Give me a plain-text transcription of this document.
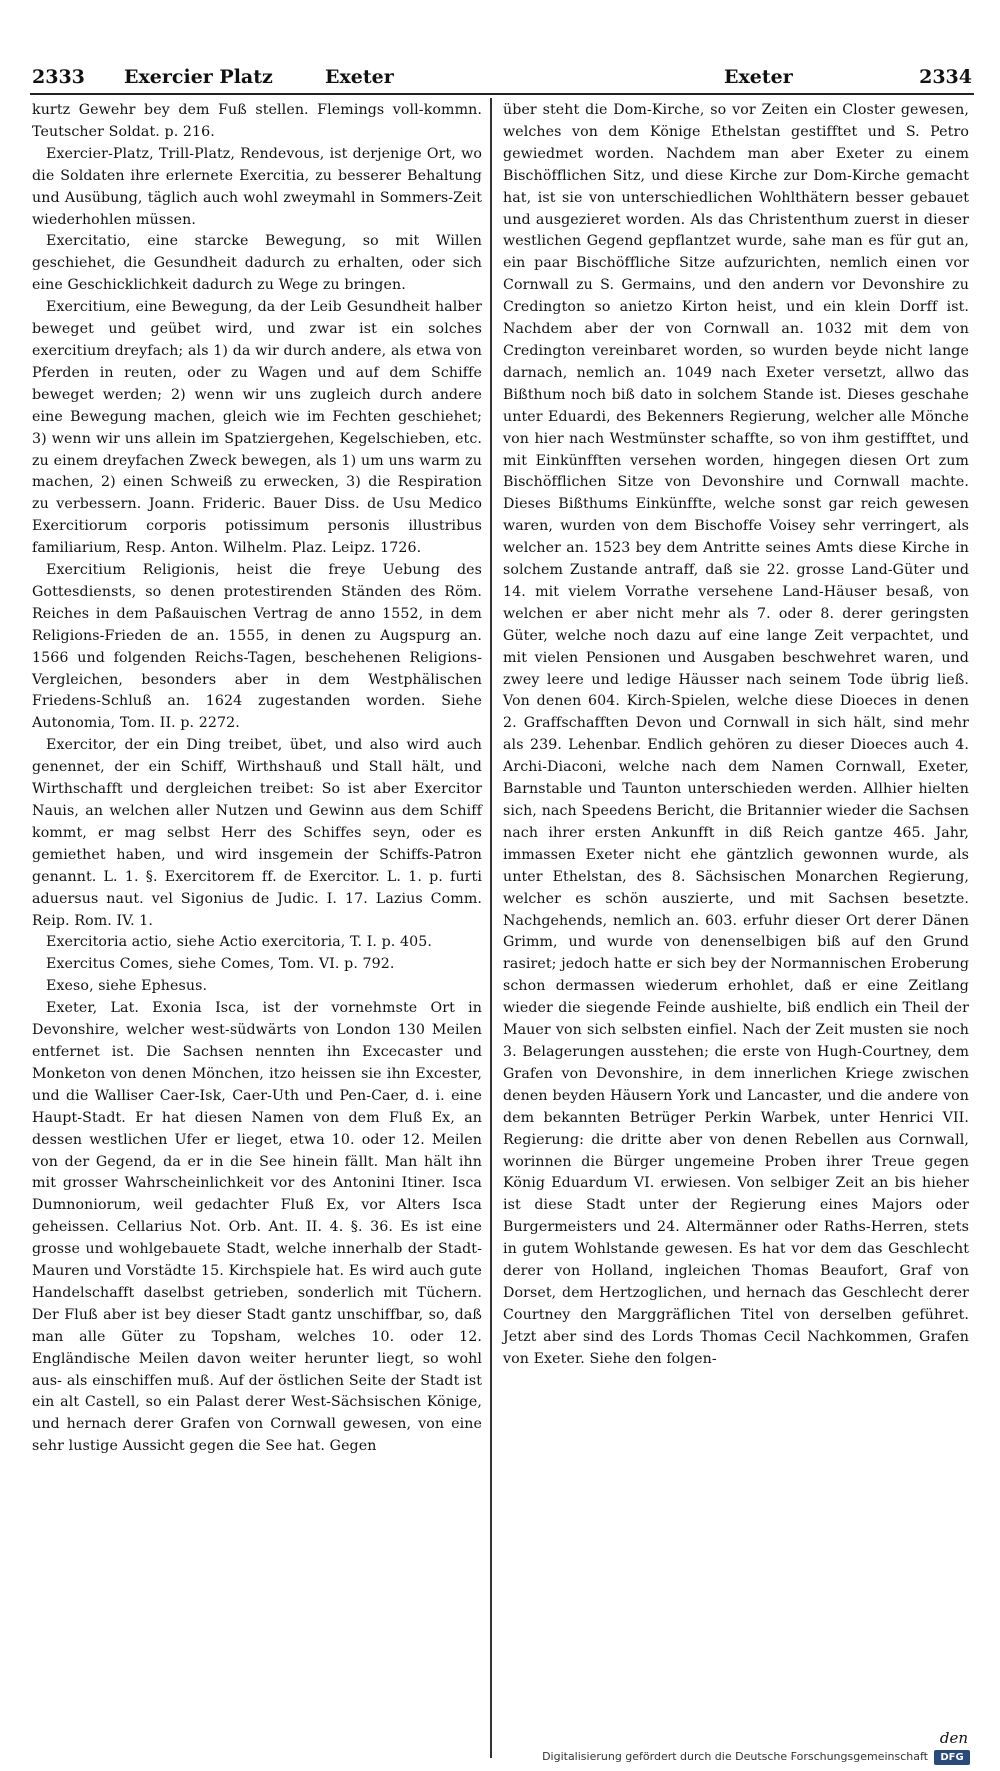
2333 Exercier Platz	Exeter	Exeter	2334

kurtz Gewehr bey dem Fuß stellen. Flemings voll-kommn. Teutscher Soldat. p. 216.

Exercier-Platz, Trill-Platz, Rendevous, ist derjenige Ort, wo die Soldaten ihre erlernete Exercitia, zu besserer Behaltung und Ausübung, täglich auch wohl zweymahl in Sommers-Zeit wiederhohlen müssen.

Exercitatio, eine starcke Bewegung, so mit Willen geschiehet, die Gesundheit dadurch zu erhalten, oder sich eine Geschicklichkeit dadurch zu Wege zu bringen.

Exercitium, eine Bewegung, da der Leib Gesundheit halber beweget und geübet wird, und zwar ist ein solches exercitium dreyfach; als 1) da wir durch andere, als etwa von Pferden in reuten, oder zu Wagen und auf dem Schiffe beweget werden; 2) wenn wir uns zugleich durch andere eine Bewegung machen, gleich wie im Fechten geschiehet; 3) wenn wir uns allein im Spatziergehen, Kegelschieben, etc. zu einem dreyfachen Zweck bewegen, als 1) um uns warm zu machen, 2) einen Schweiß zu erwecken, 3) die Respiration zu verbessern. Joann. Frideric. Bauer Diss. de Usu Medico Exercitiorum corporis potissimum personis illustribus familiarium, Resp. Anton. Wilhelm. Plaz. Leipz. 1726.

Exercitium Religionis, heist die freye Uebung des Gottesdiensts, so denen protestirenden Ständen des Röm. Reiches in dem Paßauischen Vertrag de anno 1552, in dem Religions-Frieden de an. 1555, in denen zu Augspurg an. 1566 und folgenden Reichs-Tagen, beschehenen Religions-Vergleichen, besonders aber in dem Westphälischen Friedens-Schluß an. 1624 zugestanden worden. Siehe Autonomia, Tom. II. p. 2272.

Exercitor, der ein Ding treibet, übet, und also wird auch genennet, der ein Schiff, Wirthshauß und Stall hält, und Wirthschafft und dergleichen treibet: So ist aber Exercitor Nauis, an welchen aller Nutzen und Gewinn aus dem Schiff kommt, er mag selbst Herr des Schiffes seyn, oder es gemiethet haben, und wird insgemein der Schiffs-Patron genannt. L. 1. §. Exercitorem ff. de Exercitor. L. 1. p. furti aduersus naut. vel Sigonius de Judic. I. 17. Lazius Comm. Reip. Rom. IV. 1.

Exercitoria actio, siehe Actio exercitoria, T. I. p. 405.

Exercitus Comes, siehe Comes, Tom. VI. p. 792.

Exeso, siehe Ephesus.

Exeter, Lat. Exonia Isca, ist der vornehmste Ort in Devonshire, welcher west-südwärts von London 130 Meilen entfernet ist. Die Sachsen nennten ihn Excecaster und Monketon von denen Mönchen, itzo heissen sie ihn Excester, und die Walliser Caer-Isk, Caer-Uth und Pen-Caer, d. i. eine Haupt-Stadt. Er hat diesen Namen von dem Fluß Ex, an dessen westlichen Ufer er lieget, etwa 10. oder 12. Meilen von der Gegend, da er in die See hinein fällt. Man hält ihn mit grosser Wahrscheinlichkeit vor des Antonini Itiner. Isca Dumnoniorum, weil gedachter Fluß Ex, vor Alters Isca geheissen. Cellarius Not. Orb. Ant. II. 4. §. 36. Es ist eine grosse und wohlgebauete Stadt, welche innerhalb der Stadt-Mauren und Vorstädte 15. Kirchspiele hat. Es wird auch gute Handelschafft daselbst getrieben, sonderlich mit Tüchern. Der Fluß aber ist bey dieser Stadt gantz unschiffbar, so, daß man alle Güter zu Topsham, welches 10. oder 12. Engländische Meilen davon weiter herunter liegt, so wohl aus- als einschiffen muß. Auf der östlichen Seite der Stadt ist ein alt Castell, so ein Palast derer West-Sächsischen Könige, und hernach derer Grafen von Cornwall gewesen, von eine sehr lustige Aussicht gegen die See hat. Gegen

über steht die Dom-Kirche, so vor Zeiten ein Closter gewesen, welches von dem Könige Ethelstan gestifftet und S. Petro gewiedmet worden. Nachdem man aber Exeter zu einem Bischöfflichen Sitz, und diese Kirche zur Dom-Kirche gemacht hat, ist sie von unterschiedlichen Wohlthätern besser gebauet und ausgezieret worden. Als das Christenthum zuerst in dieser westlichen Gegend gepflantzet wurde, sahe man es für gut an, ein paar Bischöffliche Sitze aufzurichten, nemlich einen vor Cornwall zu S. Germains, und den andern vor Devonshire zu Credington so anietzo Kirton heist, und ein klein Dorff ist. Nachdem aber der von Cornwall an. 1032 mit dem von Credington vereinbaret worden, so wurden beyde nicht lange darnach, nemlich an. 1049 nach Exeter versetzt, allwo das Bißthum noch biß dato in solchem Stande ist. Dieses geschahe unter Eduardi, des Bekenners Regierung, welcher alle Mönche von hier nach Westmünster schaffte, so von ihm gestifftet, und mit Einkünfften versehen worden, hingegen diesen Ort zum Bischöfflichen Sitze von Devonshire und Cornwall machte. Dieses Bißthums Einkünffte, welche sonst gar reich gewesen waren, wurden von dem Bischoffe Voisey sehr verringert, als welcher an. 1523 bey dem Antritte seines Amts diese Kirche in solchem Zustande antraff, daß sie 22. grosse Land-Güter und 14. mit vielem Vorrathe versehene Land-Häuser besaß, von welchen er aber nicht mehr als 7. oder 8. derer geringsten Güter, welche noch dazu auf eine lange Zeit verpachtet, und mit vielen Pensionen und Ausgaben beschwehret waren, und zwey leere und ledige Häusser nach seinem Tode übrig ließ. Von denen 604. Kirch-Spielen, welche diese Dioeces in denen 2. Graffschafften Devon und Cornwall in sich hält, sind mehr als 239. Lehenbar. Endlich gehören zu dieser Dioeces auch 4. Archi-Diaconi, welche nach dem Namen Cornwall, Exeter, Barnstable und Taunton unterschieden werden. Allhier hielten sich, nach Speedens Bericht, die Britannier wieder die Sachsen nach ihrer ersten Ankunfft in diß Reich gantze 465. Jahr, immassen Exeter nicht ehe gäntzlich gewonnen wurde, als unter Ethelstan, des 8. Sächsischen Monarchen Regierung, welcher es schön auszierte, und mit Sachsen besetzte. Nachgehends, nemlich an. 603. erfuhr dieser Ort derer Dänen Grimm, und wurde von denenselbigen biß auf den Grund rasiret; jedoch hatte er sich bey der Normannischen Eroberung schon dermassen wiederum erhohlet, daß er eine Zeitlang wieder die siegende Feinde aushielte, biß endlich ein Theil der Mauer von sich selbsten einfiel. Nach der Zeit musten sie noch 3. Belagerungen ausstehen; die erste von Hugh-Courtney, dem Grafen von Devonshire, in dem innerlichen Kriege zwischen denen beyden Häusern York und Lancaster, und die andere von dem bekannten Betrüger Perkin Warbek, unter Henrici VII. Regierung: die dritte aber von denen Rebellen aus Cornwall, worinnen die Bürger ungemeine Proben ihrer Treue gegen König Eduardum VI. erwiesen. Von selbiger Zeit an bis hieher ist diese Stadt unter der Regierung eines Majors oder Burgermeisters und 24. Altermänner oder Raths-Herren, stets in gutem Wohlstande gewesen. Es hat vor dem das Geschlecht derer von Holland, ingleichen Thomas Beaufort, Graf von Dorset, dem Hertzoglichen, und hernach das Geschlecht derer Courtney den Marggräflichen Titel von derselben geführet. Jetzt aber sind des Lords Thomas Cecil Nachkommen, Grafen von Exeter. Siehe den folgen-

den
Digitalisierung gefördert durch die Deutsche Forschungsgemeinschaft	DFG
